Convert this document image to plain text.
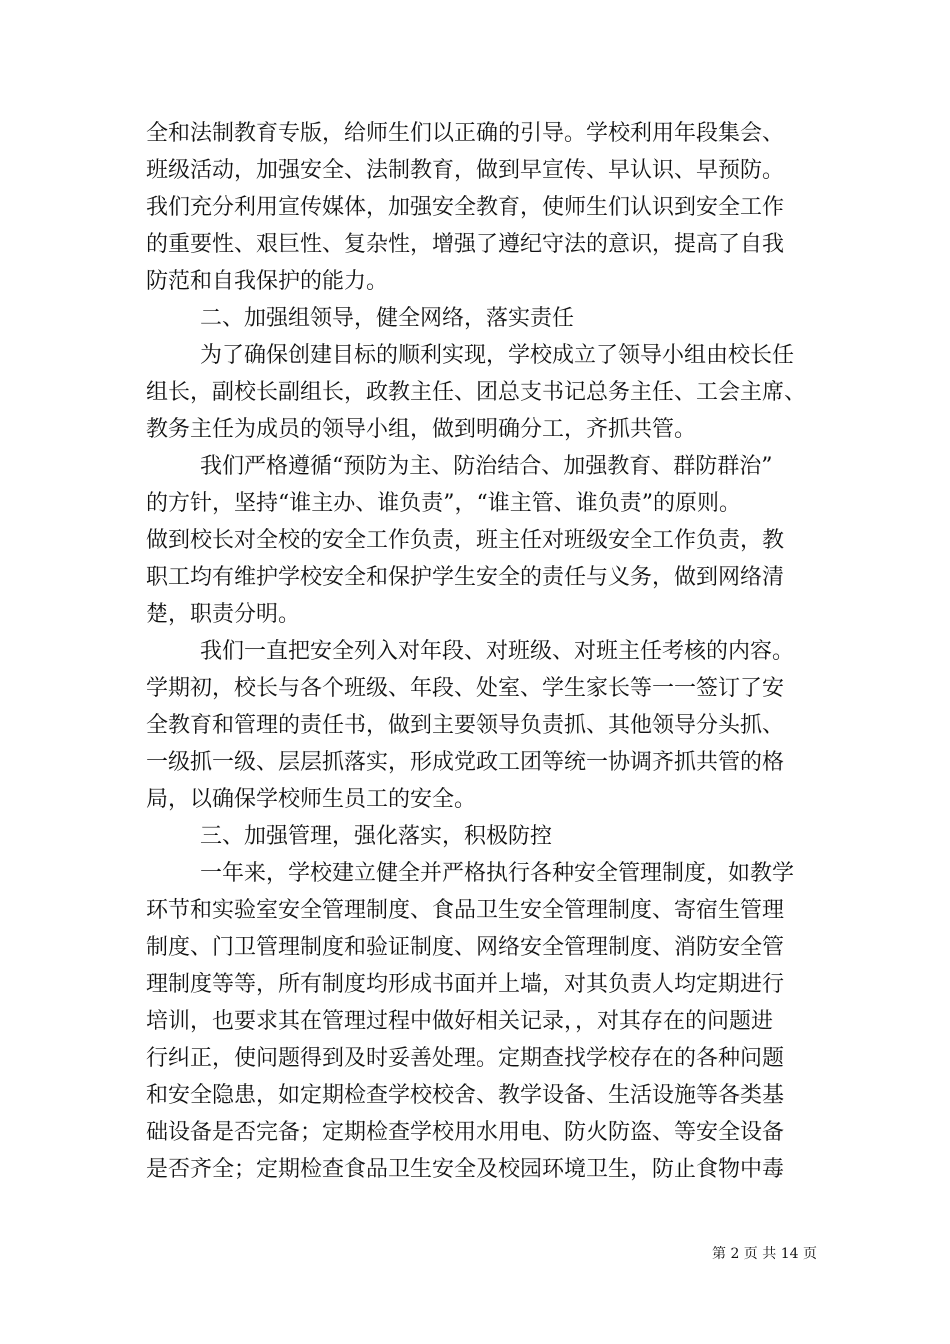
全和法制教育专版，给师生们以正确的引导。学校利用年段集会、
班级活动，加强安全、法制教育，做到早宣传、早认识、早预防。
我们充分利用宣传媒体，加强安全教育，使师生们认识到安全工作
的重要性、艰巨性、复杂性，增强了遵纪守法的意识，提高了自我
防范和自我保护的能力。
二、加强组领导，健全网络，落实责任
为了确保创建目标的顺利实现，学校成立了领导小组由校长任
组长，副校长副组长，政教主任、团总支书记总务主任、工会主席、
教务主任为成员的领导小组，做到明确分工，齐抓共管。
我们严格遵循“预防为主、防治结合、加强教育、群防群治”
的方针，坚持“谁主办、谁负责”，“谁主管、谁负责”的原则。
做到校长对全校的安全工作负责，班主任对班级安全工作负责，教
职工均有维护学校安全和保护学生安全的责任与义务，做到网络清
楚，职责分明。
我们一直把安全列入对年段、对班级、对班主任考核的内容。
学期初，校长与各个班级、年段、处室、学生家长等一一签订了安
全教育和管理的责任书，做到主要领导负责抓、其他领导分头抓、
一级抓一级、层层抓落实，形成党政工团等统一协调齐抓共管的格
局，以确保学校师生员工的安全。
三、加强管理，强化落实，积极防控
一年来，学校建立健全并严格执行各种安全管理制度，如教学
环节和实验室安全管理制度、食品卫生安全管理制度、寄宿生管理
制度、门卫管理制度和验证制度、网络安全管理制度、消防安全管
理制度等等，所有制度均形成书面并上墙，对其负责人均定期进行
培训，也要求其在管理过程中做好相关记录，，对其存在的问题进
行纠正，使问题得到及时妥善处理。定期查找学校存在的各种问题
和安全隐患，如定期检查学校校舍、教学设备、生活设施等各类基
础设备是否完备；定期检查学校用水用电、防火防盗、等安全设备
是否齐全；定期检查食品卫生安全及校园环境卫生，防止食物中毒
第 2 页 共 14 页
